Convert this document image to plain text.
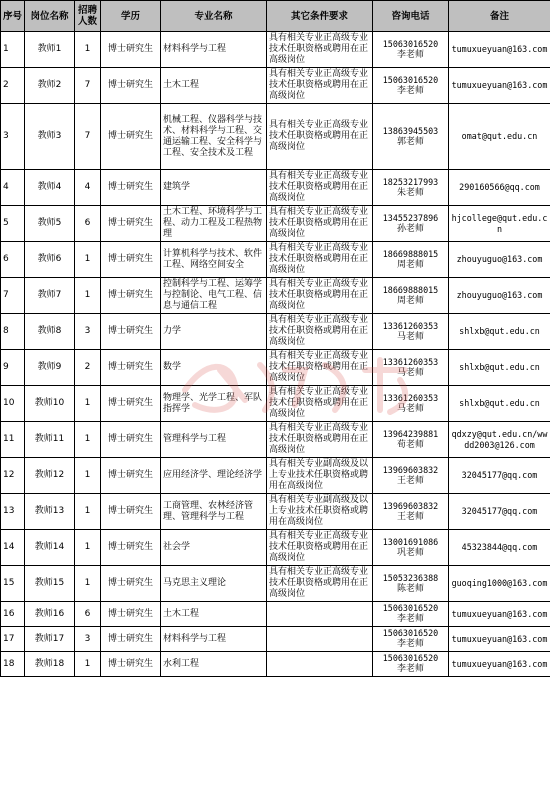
序号	岗位名称	招聘人数	学历	专业名称	其它条件要求	咨询电话	备注
1	教师1	1	博士研究生	材料科学与工程	具有相关专业正高级专业技术任职资格或聘用在正高级岗位	15063016520
李老师	tumuxueyuan@163.com
2	教师2	7	博士研究生	土木工程	具有相关专业正高级专业技术任职资格或聘用在正高级岗位	15063016520
李老师	tumuxueyuan@163.com
3	教师3	7	博士研究生	机械工程、仪器科学与技术、材料科学与工程、交通运输工程、安全科学与工程、安全技术及工程	具有相关专业正高级专业技术任职资格或聘用在正高级岗位	13863945503
郭老师	omat@qut.edu.cn
4	教师4	4	博士研究生	建筑学	具有相关专业正高级专业技术任职资格或聘用在正高级岗位	18253217993
朱老师	290160566@qq.com
5	教师5	6	博士研究生	土木工程、环境科学与工程、动力工程及工程热物理	具有相关专业正高级专业技术任职资格或聘用在正高级岗位	13455237896
孙老师	hjcollege@qut.edu.cn
6	教师6	1	博士研究生	计算机科学与技术、软件工程、网络空间安全	具有相关专业正高级专业技术任职资格或聘用在正高级岗位	18669888015
周老师	zhouyuguo@163.com
7	教师7	1	博士研究生	控制科学与工程、运筹学与控制论、电气工程、信息与通信工程	具有相关专业正高级专业技术任职资格或聘用在正高级岗位	18669888015
周老师	zhouyuguo@163.com
8	教师8	3	博士研究生	力学	具有相关专业正高级专业技术任职资格或聘用在正高级岗位	13361260353
马老师	shlxb@qut.edu.cn
9	教师9	2	博士研究生	数学	具有相关专业正高级专业技术任职资格或聘用在正高级岗位	13361260353
马老师	shlxb@qut.edu.cn
10	教师10	1	博士研究生	物理学、光学工程、军队指挥学	具有相关专业正高级专业技术任职资格或聘用在正高级岗位	13361260353
马老师	shlxb@qut.edu.cn
11	教师11	1	博士研究生	管理科学与工程	具有相关专业正高级专业技术任职资格或聘用在正高级岗位	13964239881
荀老师	qdxzy@qut.edu.cn/wwdd2003@126.com
12	教师12	1	博士研究生	应用经济学、理论经济学	具有相关专业副高级及以上专业技术任职资格或聘用在高级岗位	13969603832
王老师	32045177@qq.com
13	教师13	1	博士研究生	工商管理、农林经济管理、管理科学与工程	具有相关专业副高级及以上专业技术任职资格或聘用在高级岗位	13969603832
王老师	32045177@qq.com
14	教师14	1	博士研究生	社会学	具有相关专业正高级专业技术任职资格或聘用在正高级岗位	13001691086
巩老师	45323844@qq.com
15	教师15	1	博士研究生	马克思主义理论	具有相关专业正高级专业技术任职资格或聘用在正高级岗位	15053236388
陈老师	guoqing1000@163.com
16	教师16	6	博士研究生	土木工程		15063016520
李老师	tumuxueyuan@163.com
17	教师17	3	博士研究生	材料科学与工程		15063016520
李老师	tumuxueyuan@163.com
18	教师18	1	博士研究生	水利工程		15063016520
李老师	tumuxueyuan@163.com
